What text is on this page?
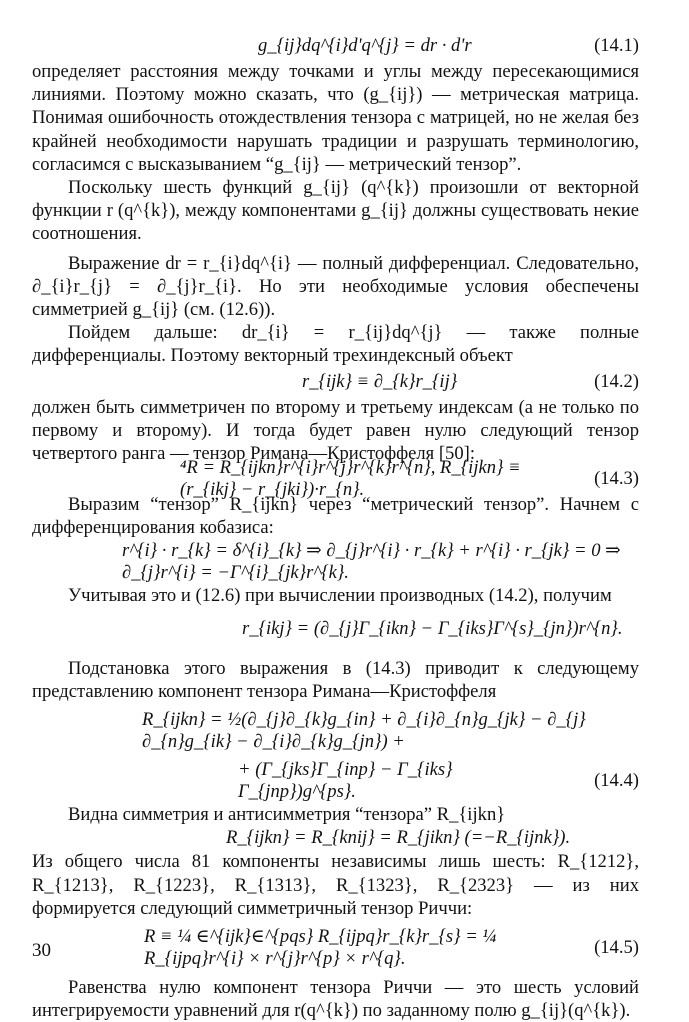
g_{ij}dq^{i}d'q^{j} = dr · d'r	(14.1)

определяет расстояния между точками и углы между пересекающимися линиями. Поэтому можно сказать, что (g_{ij}) — метрическая матрица. Понимая ошибочность отождествления тензора с матрицей, но не желая без крайней необходимости нарушать традиции и разрушать терминологию, согласимся с высказыванием “g_{ij} — метрический тензор”.

Поскольку шесть функций g_{ij} (q^{k}) произошли от векторной функции r (q^{k}), между компонентами g_{ij} должны существовать некие соотношения.

Выражение dr = r_{i}dq^{i} — полный дифференциал. Следовательно, ∂_{i}r_{j} = ∂_{j}r_{i}. Но эти необходимые условия обеспечены симметрией g_{ij} (см. (12.6)).

Пойдем дальше: dr_{i} = r_{ij}dq^{j} — также полные дифференциалы. Поэтому векторный трехиндексный объект

r_{ijk} ≡ ∂_{k}r_{ij}	(14.2)

должен быть симметричен по второму и третьему индексам (а не только по первому и второму). И тогда будет равен нулю следующий тензор четвертого ранга — тензор Римана—Кристоффеля [50]:

⁴R = R_{ijkn}r^{i}r^{j}r^{k}r^{n}, R_{ijkn} ≡ (r_{ikj} − r_{jki})·r_{n}.
(14.3)

Выразим “тензор” R_{ijkn} через “метрический тензор”. Начнем с дифференцирования кобазиса:

r^{i} · r_{k} = δ^{i}_{k} ⇒ ∂_{j}r^{i} · r_{k} + r^{i} · r_{jk} = 0 ⇒ ∂_{j}r^{i} = −Γ^{i}_{jk}r^{k}.

Учитывая это и (12.6) при вычислении производных (14.2), получим

r_{ikj} = (∂_{j}Γ_{ikn} − Γ_{iks}Γ^{s}_{jn})r^{n}.

Подстановка этого выражения в (14.3) приводит к следующему представлению компонент тензора Римана—Кристоффеля

R_{ijkn} = ½(∂_{j}∂_{k}g_{in} + ∂_{i}∂_{n}g_{jk} − ∂_{j}∂_{n}g_{ik} − ∂_{i}∂_{k}g_{jn}) +
+ (Γ_{jks}Γ_{inp} − Γ_{iks}Γ_{jnp})g^{ps}.
(14.4)

Видна симметрия и антисимметрия “тензора” R_{ijkn}

R_{ijkn} = R_{knij} = R_{jikn} (=−R_{ijnk}).

Из общего числа 81 компоненты независимы лишь шесть: R_{1212}, R_{1213}, R_{1223}, R_{1313}, R_{1323}, R_{2323} — из них формируется следующий симметричный тензор Риччи:

R ≡ ¼ ∈^{ijk}∈^{pqs} R_{ijpq}r_{k}r_{s} = ¼ R_{ijpq}r^{i} × r^{j}r^{p} × r^{q}.
(14.5)

Равенства нулю компонент тензора Риччи — это шесть условий интегрируемости уравнений для r(q^{k}) по заданному полю g_{ij}(q^{k}).

30
